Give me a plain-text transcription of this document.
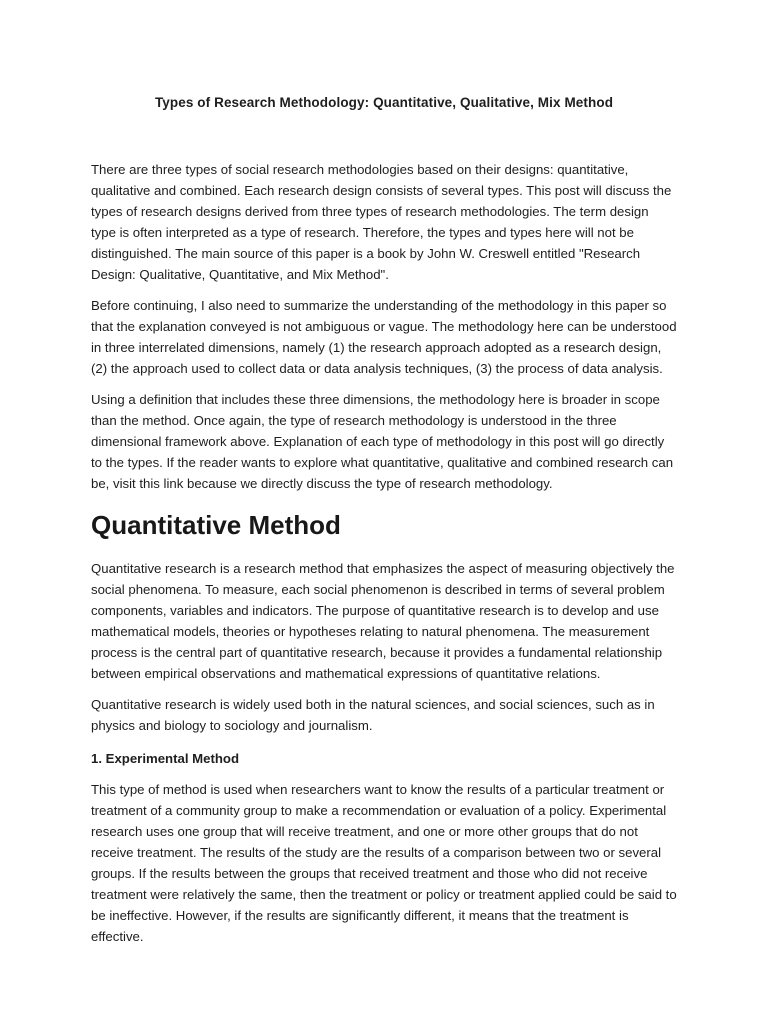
Types of Research Methodology: Quantitative, Qualitative, Mix Method

There are three types of social research methodologies based on their designs: quantitative, qualitative and combined. Each research design consists of several types. This post will discuss the types of research designs derived from three types of research methodologies. The term design type is often interpreted as a type of research. Therefore, the types and types here will not be distinguished. The main source of this paper is a book by John W. Creswell entitled "Research Design: Qualitative, Quantitative, and Mix Method".

Before continuing, I also need to summarize the understanding of the methodology in this paper so that the explanation conveyed is not ambiguous or vague. The methodology here can be understood in three interrelated dimensions, namely (1) the research approach adopted as a research design, (2) the approach used to collect data or data analysis techniques, (3) the process of data analysis.

Using a definition that includes these three dimensions, the methodology here is broader in scope than the method. Once again, the type of research methodology is understood in the three dimensional framework above. Explanation of each type of methodology in this post will go directly to the types. If the reader wants to explore what quantitative, qualitative and combined research can be, visit this link because we directly discuss the type of research methodology.

Quantitative Method

Quantitative research is a research method that emphasizes the aspect of measuring objectively the social phenomena. To measure, each social phenomenon is described in terms of several problem components, variables and indicators. The purpose of quantitative research is to develop and use mathematical models, theories or hypotheses relating to natural phenomena. The measurement process is the central part of quantitative research, because it provides a fundamental relationship between empirical observations and mathematical expressions of quantitative relations.

Quantitative research is widely used both in the natural sciences, and social sciences, such as in physics and biology to sociology and journalism.

1. Experimental Method

This type of method is used when researchers want to know the results of a particular treatment or treatment of a community group to make a recommendation or evaluation of a policy. Experimental research uses one group that will receive treatment, and one or more other groups that do not receive treatment. The results of the study are the results of a comparison between two or several groups. If the results between the groups that received treatment and those who did not receive treatment were relatively the same, then the treatment or policy or treatment applied could be said to be ineffective. However, if the results are significantly different, it means that the treatment is effective.
